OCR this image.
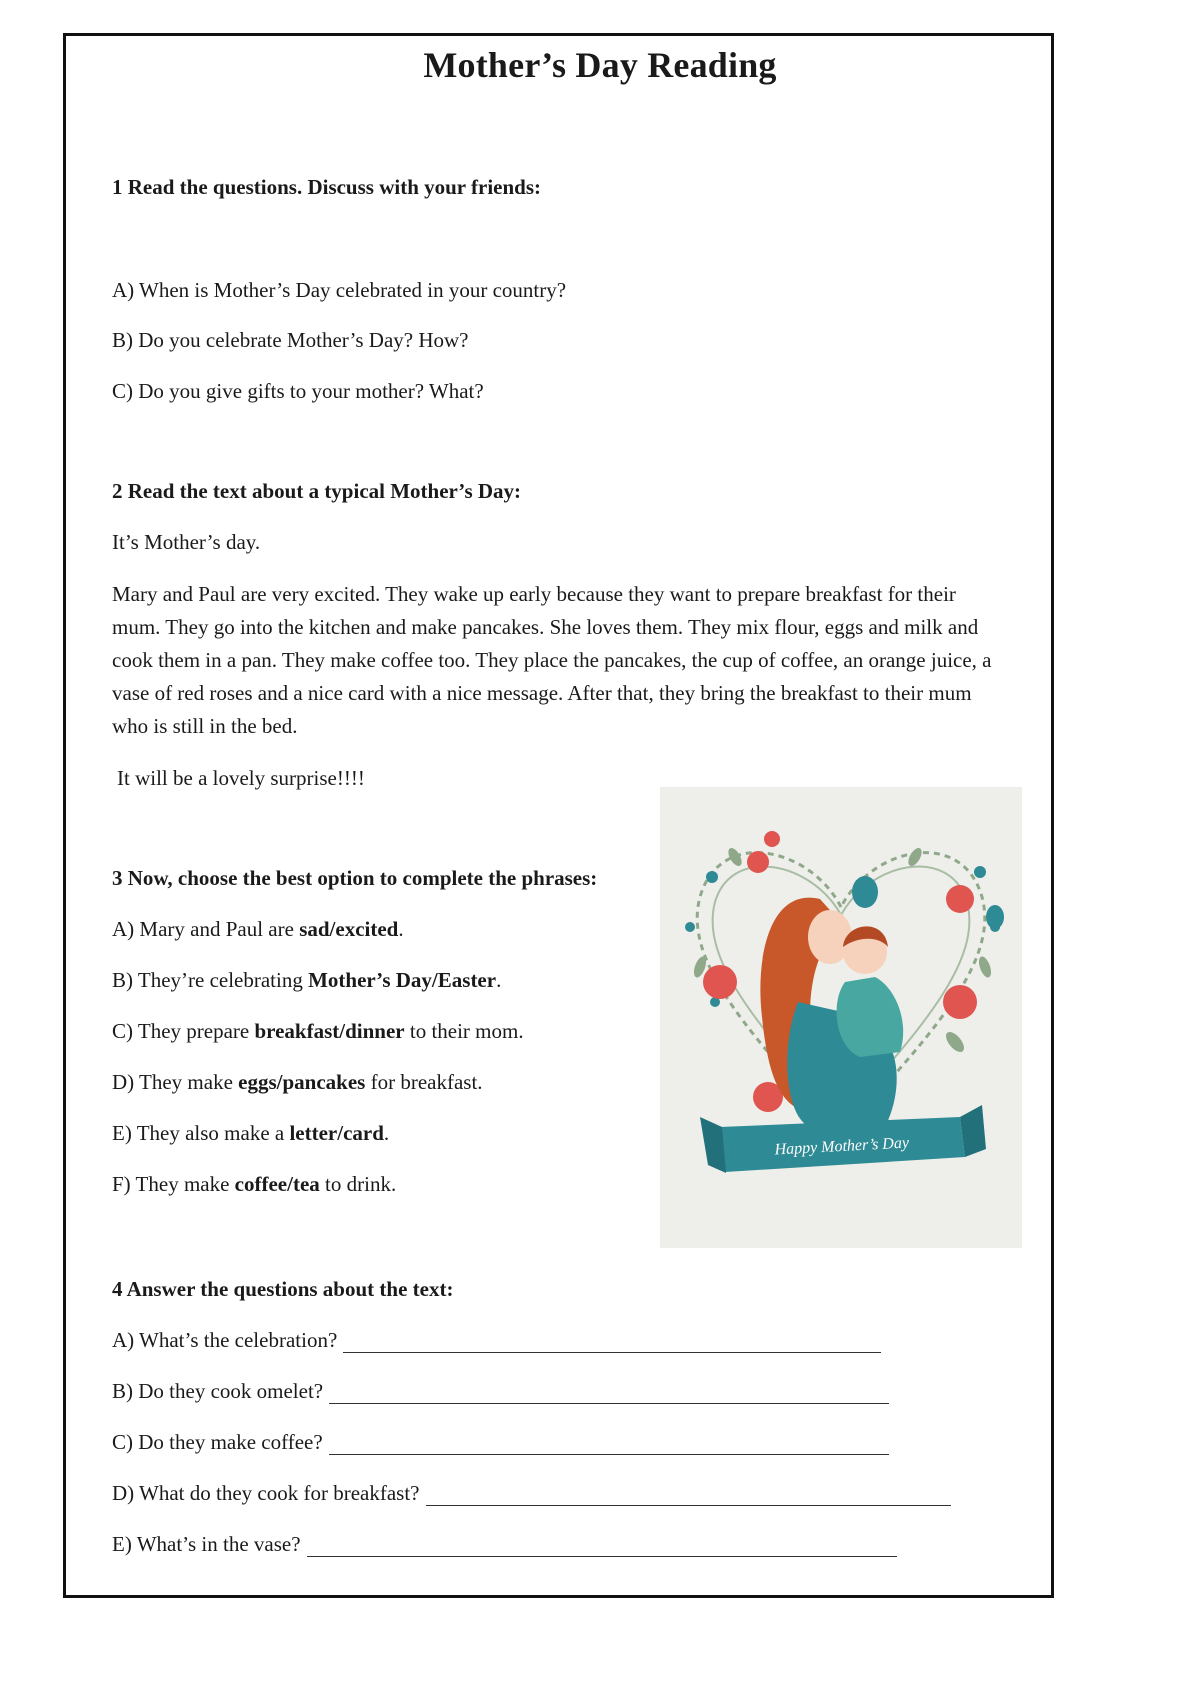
Mother’s Day Reading
1 Read the questions. Discuss with your friends:
A) When is Mother’s Day celebrated in your country?
B) Do you celebrate Mother’s Day? How?
C) Do you give gifts to your mother? What?
2 Read the text about a typical Mother’s Day:
It’s Mother’s day.
Mary and Paul are very excited. They wake up early because they want to prepare breakfast for their mum. They go into the kitchen and make pancakes. She loves them. They mix flour, eggs and milk and cook them in a pan. They make coffee too. They place the pancakes, the cup of coffee, an orange juice, a vase of red roses and a nice card with a nice message. After that, they bring the breakfast to their mum who is still in the bed.
It will be a lovely surprise!!!!
3 Now, choose the best option to complete the phrases:
A) Mary and Paul are sad/excited.
B) They’re celebrating Mother’s Day/Easter.
C) They prepare breakfast/dinner to their mom.
D) They make eggs/pancakes for breakfast.
E) They also make a letter/card.
F) They make coffee/tea to drink.
Happy Mother’s Day
4 Answer the questions about the text:
A) What’s the celebration?
B) Do they cook omelet?
C) Do they make coffee?
D) What do they cook for breakfast?
E) What’s in the vase?
